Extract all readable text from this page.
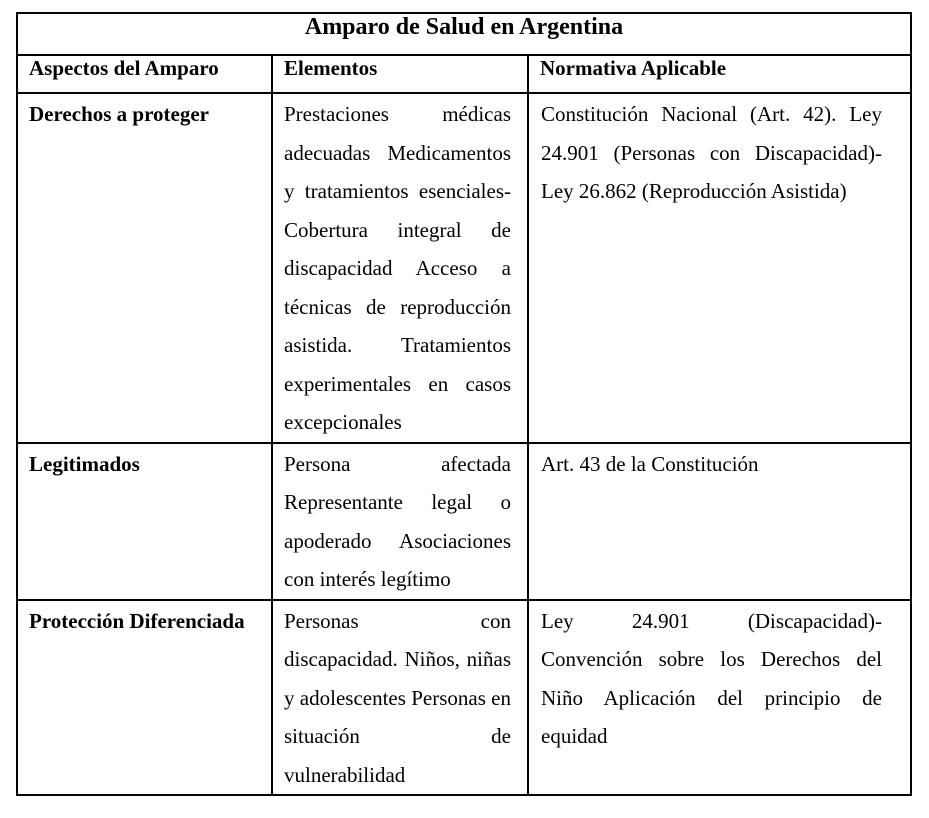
Amparo de Salud en Argentina		
Aspectos del Amparo	Elementos	Normativa Aplicable
Derechos a proteger	Prestaciones médicas adecuadas Medicamentos y tratamientos esenciales-Cobertura integral de discapacidad Acceso a técnicas de reproducción asistida. Tratamientos experimentales en casos excepcionales	Constitución Nacional (Art. 42). Ley 24.901 (Personas con Discapacidad)- Ley 26.862 (Reproducción Asistida)
Legitimados	Persona afectada Representante legal o apoderado Asociaciones con interés legítimo	Art. 43 de la Constitución
Protección Diferenciada	Personas con discapacidad. Niños, niñas y adolescentes Personas en situación de vulnerabilidad	Ley 24.901 (Discapacidad)- Convención sobre los Derechos del Niño Aplicación del principio de equidad
